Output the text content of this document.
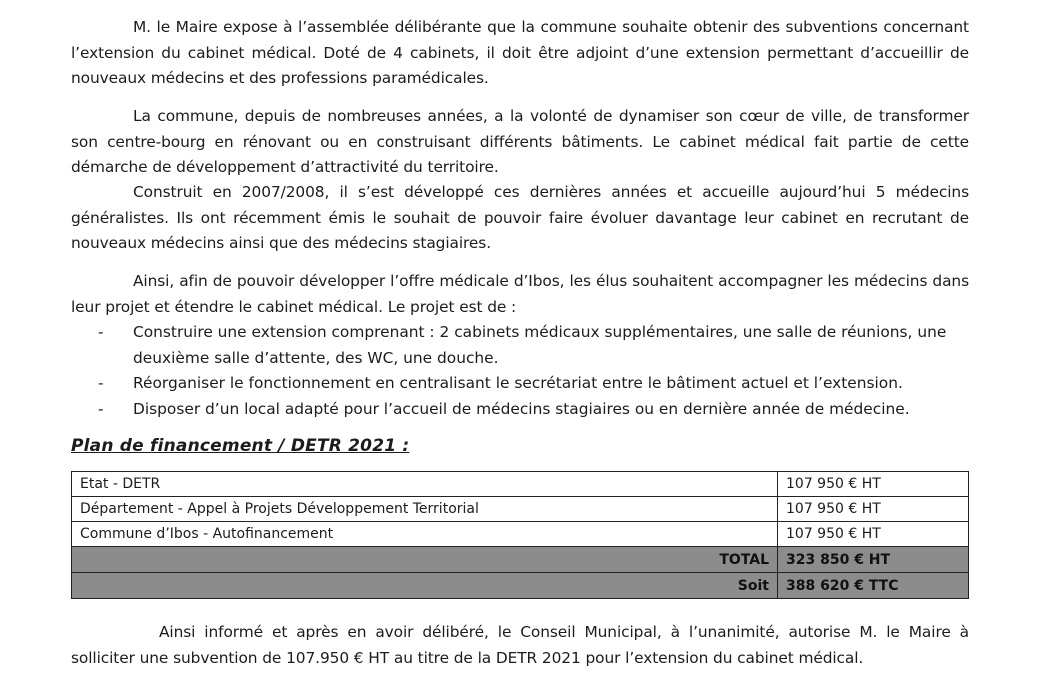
M. le Maire expose à l’assemblée délibérante que la commune souhaite obtenir des subventions concernant l’extension du cabinet médical. Doté de 4 cabinets, il doit être adjoint d’une extension permettant d’accueillir de nouveaux médecins et des professions paramédicales.

La commune, depuis de nombreuses années, a la volonté de dynamiser son cœur de ville, de transformer son centre-bourg en rénovant ou en construisant différents bâtiments. Le cabinet médical fait partie de cette démarche de développement d’attractivité du territoire.

Construit en 2007/2008, il s’est développé ces dernières années et accueille aujourd’hui 5 médecins généralistes. Ils ont récemment émis le souhait de pouvoir faire évoluer davantage leur cabinet en recrutant de nouveaux médecins ainsi que des médecins stagiaires.

Ainsi, afin de pouvoir développer l’offre médicale d’Ibos, les élus souhaitent accompagner les médecins dans leur projet et étendre le cabinet médical. Le projet est de :

- Construire une extension comprenant : 2 cabinets médicaux supplémentaires, une salle de réunions, une deuxième salle d’attente, des WC, une douche.
- Réorganiser le fonctionnement en centralisant le secrétariat entre le bâtiment actuel et l’extension.
- Disposer d’un local adapté pour l’accueil de médecins stagiaires ou en dernière année de médecine.
Plan de financement / DETR 2021 :
Etat - DETR	107 950 € HT
Département - Appel à Projets Développement Territorial	107 950 € HT
Commune d’Ibos - Autofinancement	107 950 € HT
TOTAL	323 850 € HT
Soit	388 620 € TTC

Ainsi informé et après en avoir délibéré, le Conseil Municipal, à l’unanimité, autorise M. le Maire à solliciter une subvention de 107.950 € HT au titre de la DETR 2021 pour l’extension du cabinet médical.
